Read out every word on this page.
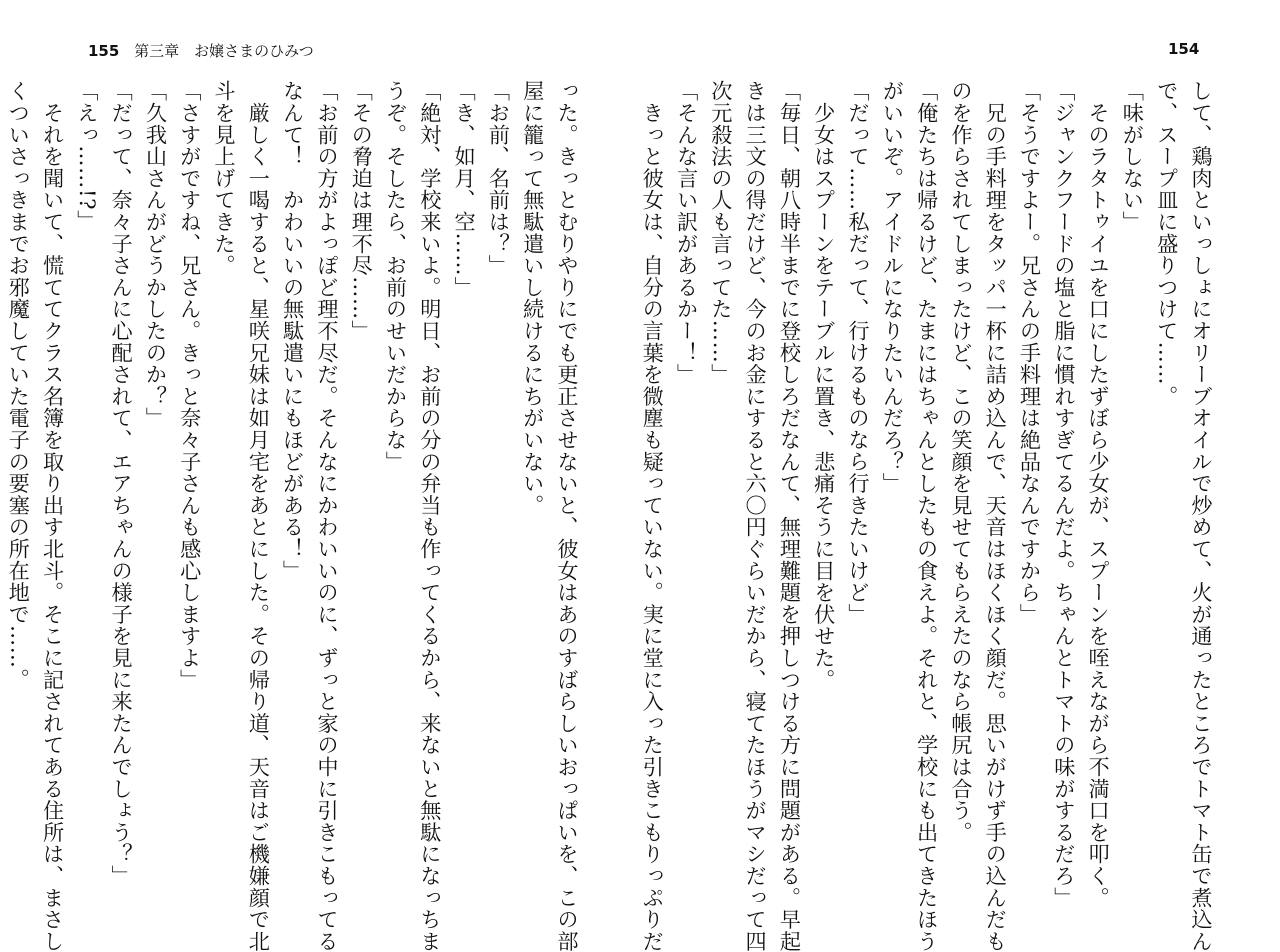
155 第三章　お嬢さまのひみつ	154
して、鶏肉といっしょにオリーブオイルで炒めて、火が通ったところでトマト缶で煮込ん
で、スープ皿に盛りつけて……。
「味がしない」
　そのラタトゥイユを口にしたずぼら少女が、スプーンを咥えながら不満口を叩く。
「ジャンクフードの塩と脂に慣れすぎてるんだよ。ちゃんとトマトの味がするだろ」
「そうですよー。兄さんの手料理は絶品なんですから」
　兄の手料理をタッパ一杯に詰め込んで、天音はほくほく顔だ。思いがけず手の込んだも
のを作らされてしまったけど、この笑顔を見せてもらえたのなら帳尻は合う。
「俺たちは帰るけど、たまにはちゃんとしたもの食えよ。それと、学校にも出てきたほう
がいいぞ。アイドルになりたいんだろ？」
「だって……私だって、行けるものなら行きたいけど」
　少女はスプーンをテーブルに置き、悲痛そうに目を伏せた。
「毎日、朝八時半までに登校しろだなんて、無理難題を押しつける方に問題がある。早起
きは三文の得だけど、今のお金にすると六〇円ぐらいだから、寝てたほうがマシだって四
次元殺法の人も言ってた……」
「そんな言い訳があるかー！」
　きっと彼女は、自分の言葉を微塵も疑っていない。実に堂に入った引きこもりっぷりだ
った。きっとむりやりにでも更正させないと、彼女はあのすばらしいおっぱいを、この部
屋に籠って無駄遣いし続けるにちがいない。
「お前、名前は？」
「き、如月、空……」
「絶対、学校来いよ。明日、お前の分の弁当も作ってくるから、来ないと無駄になっちま
うぞ。そしたら、お前のせいだからな」
「その脅迫は理不尽……」
「お前の方がよっぽど理不尽だ。そんなにかわいいのに、ずっと家の中に引きこもってる
なんて！　かわいいの無駄遣いにもほどがある！」
　厳しく一喝すると、星咲兄妹は如月宅をあとにした。その帰り道、天音はご機嫌顔で北
斗を見上げてきた。
「さすがですね、兄さん。きっと奈々子さんも感心しますよ」
「久我山さんがどうかしたのか？」
「だって、奈々子さんに心配されて、エアちゃんの様子を見に来たんでしょう？」
「えっ……!?」
　それを聞いて、慌ててクラス名簿を取り出す北斗。そこに記されてある住所は、まさし
くついさっきまでお邪魔していた電子の要塞の所在地で……。
